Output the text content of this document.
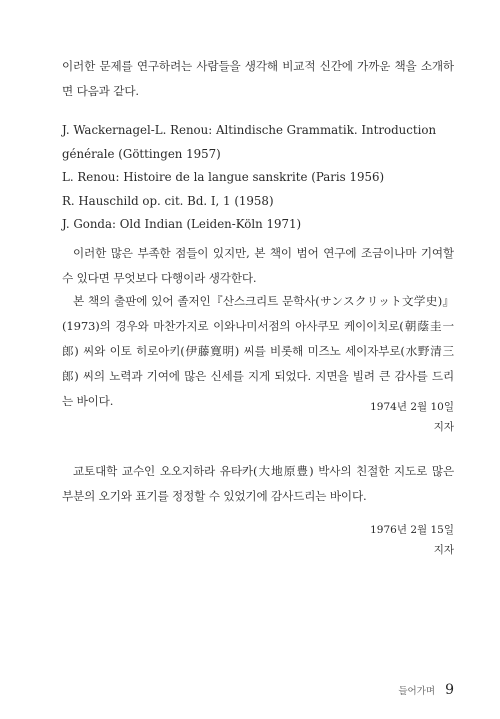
이러한 문제를 연구하려는 사람들을 생각해 비교적 신간에 가까운 책을 소개하면 다음과 같다.

J. Wackernagel-L. Renou: Altindische Grammatik. Introduction générale (Göttingen 1957)
L. Renou: Histoire de la langue sanskrite (Paris 1956)
R. Hauschild op. cit. Bd. Ⅰ, 1 (1958)
J. Gonda: Old Indian (Leiden-Köln 1971)

이러한 많은 부족한 점들이 있지만, 본 책이 범어 연구에 조금이나마 기여할 수 있다면 무엇보다 다행이라 생각한다.

본 책의 출판에 있어 졸저인『산스크리트 문학사(サンスクリット文学史)』(1973)의 경우와 마찬가지로 이와나미서점의 아사쿠모 케이이치로(朝蔭圭一郎) 씨와 이토 히로아키(伊藤寛明) 씨를 비롯해 미즈노 세이자부로(水野清三郎) 씨의 노력과 기여에 많은 신세를 지게 되었다. 지면을 빌려 큰 감사를 드리는 바이다.	1974년 2월 10일
지자

교토대학 교수인 오오지하라 유타카(大地原豊) 박사의 친절한 지도로 많은 부분의 오기와 표기를 정정할 수 있었기에 감사드리는 바이다.

1976년 2월 15일
지자
들어가며 9
